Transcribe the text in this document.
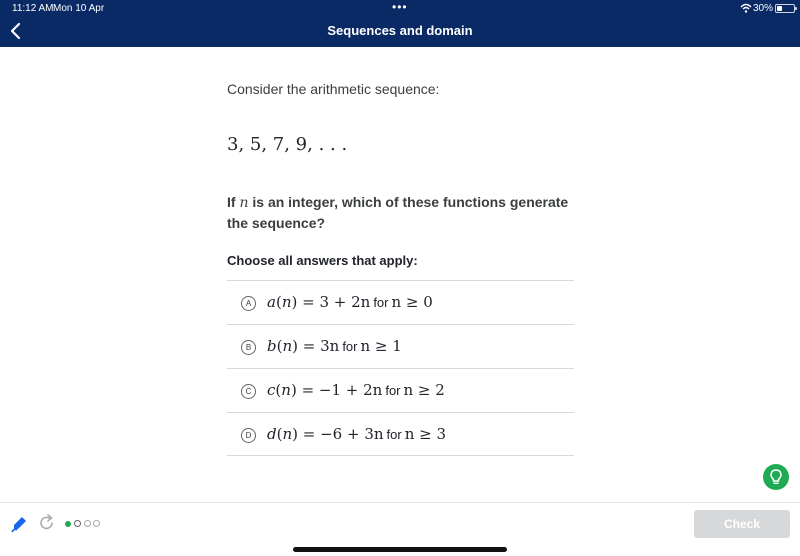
11:12 AM Mon 10 Apr	•••	30%
Sequences and domain
Consider the arithmetic sequence:
3, 5, 7, 9, . . .
If n is an integer, which of these functions generate the sequence?
Choose all answers that apply:
A	a(n) = 3 + 2n for n ≥ 0
B	b(n) = 3n for n ≥ 1
C	c(n) = −1 + 2n for n ≥ 2
D	d(n) = −6 + 3n for n ≥ 3
Check
